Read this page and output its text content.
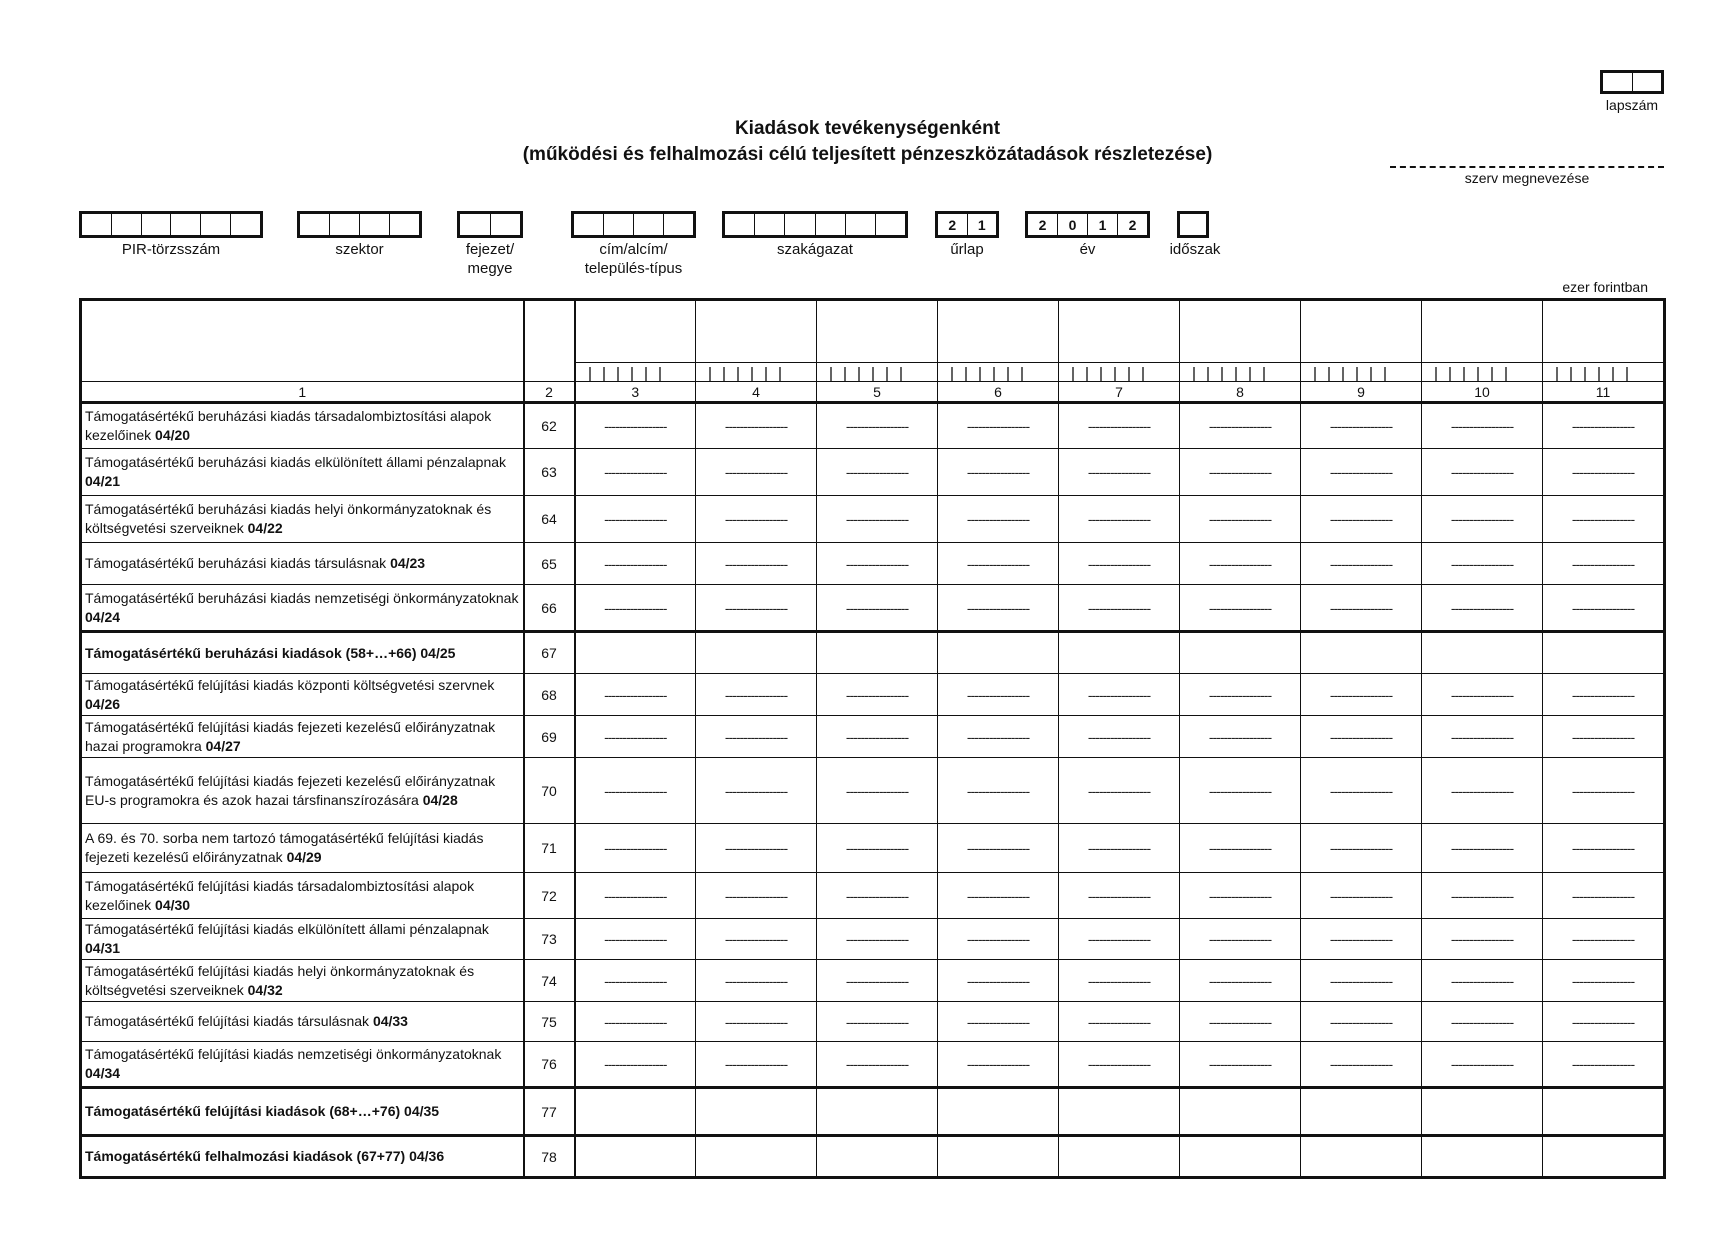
lapszám
Kiadások tevékenységenként
(működési és felhalmozási célú teljesített pénzeszközátadások részletezése)
szerv megnevezése
PIR-törzsszám	szektor	fejezet/
megye
cím/alcím/
település-típus
szakágazat
2	1
űrlap
2	0	1	2
év	időszak
ezer forintban

1	2	3	4	5	6	7	8	9	10	11
Támogatásértékű beruházási kiadás társadalombiztosítási alapok kezelőinek 04/20	62	-----------------	-----------------	-----------------	-----------------	-----------------	-----------------	-----------------	-----------------	-----------------
Támogatásértékű beruházási kiadás elkülönített állami pénzalapnak 04/21	63	-----------------	-----------------	-----------------	-----------------	-----------------	-----------------	-----------------	-----------------	-----------------
Támogatásértékű beruházási kiadás helyi önkormányzatoknak és költségvetési szerveiknek 04/22	64	-----------------	-----------------	-----------------	-----------------	-----------------	-----------------	-----------------	-----------------	-----------------
Támogatásértékű beruházási kiadás társulásnak 04/23	65	-----------------	-----------------	-----------------	-----------------	-----------------	-----------------	-----------------	-----------------	-----------------
Támogatásértékű beruházási kiadás nemzetiségi önkormányzatoknak 04/24	66	-----------------	-----------------	-----------------	-----------------	-----------------	-----------------	-----------------	-----------------	-----------------
Támogatásértékű beruházási kiadások (58+…+66) 04/25	67									
Támogatásértékű felújítási kiadás központi költségvetési szervnek 04/26	68	-----------------	-----------------	-----------------	-----------------	-----------------	-----------------	-----------------	-----------------	-----------------
Támogatásértékű felújítási kiadás fejezeti kezelésű előirányzatnak hazai programokra 04/27	69	-----------------	-----------------	-----------------	-----------------	-----------------	-----------------	-----------------	-----------------	-----------------
Támogatásértékű felújítási kiadás fejezeti kezelésű előirányzatnak EU-s programokra és azok hazai társfinanszírozására 04/28	70	-----------------	-----------------	-----------------	-----------------	-----------------	-----------------	-----------------	-----------------	-----------------
A 69. és 70. sorba nem tartozó támogatásértékű felújítási kiadás fejezeti kezelésű előirányzatnak 04/29	71	-----------------	-----------------	-----------------	-----------------	-----------------	-----------------	-----------------	-----------------	-----------------
Támogatásértékű felújítási kiadás társadalombiztosítási alapok kezelőinek 04/30	72	-----------------	-----------------	-----------------	-----------------	-----------------	-----------------	-----------------	-----------------	-----------------
Támogatásértékű felújítási kiadás elkülönített állami pénzalapnak 04/31	73	-----------------	-----------------	-----------------	-----------------	-----------------	-----------------	-----------------	-----------------	-----------------
Támogatásértékű felújítási kiadás helyi önkormányzatoknak és költségvetési szerveiknek 04/32	74	-----------------	-----------------	-----------------	-----------------	-----------------	-----------------	-----------------	-----------------	-----------------
Támogatásértékű felújítási kiadás társulásnak 04/33	75	-----------------	-----------------	-----------------	-----------------	-----------------	-----------------	-----------------	-----------------	-----------------
Támogatásértékű felújítási kiadás nemzetiségi önkormányzatoknak 04/34	76	-----------------	-----------------	-----------------	-----------------	-----------------	-----------------	-----------------	-----------------	-----------------
Támogatásértékű felújítási kiadások (68+…+76) 04/35	77									
Támogatásértékű felhalmozási kiadások (67+77) 04/36	78									
